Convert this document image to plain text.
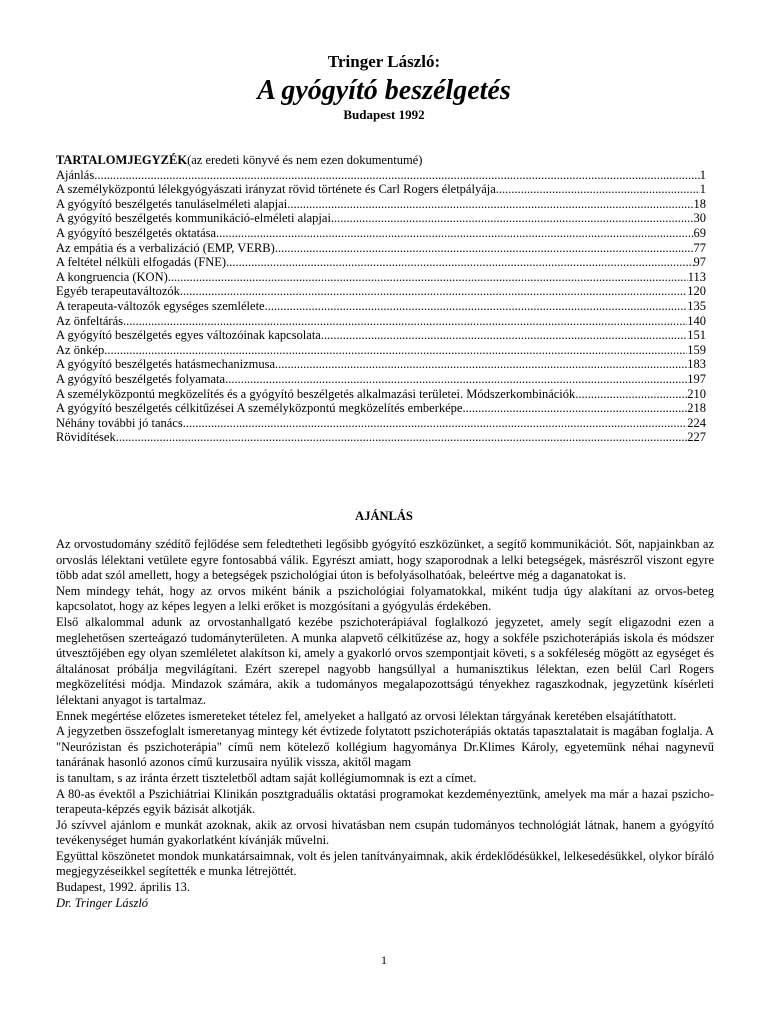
Tringer László:
A gyógyító beszélgetés
Budapest 1992
TARTALOMJEGYZÉK(az eredeti könyvé és nem ezen dokumentumé)
Ajánlás .....	1
A személyközpontú lélekgyógyászati irányzat rövid története és Carl Rogers életpályája .....	1
A gyógyító beszélgetés tanuláselméleti alapjai .....	18
A gyógyító beszélgetés kommunikáció-elméleti alapjai .....	30
A gyógyító beszélgetés oktatása .....	69
Az empátia és a verbalizáció (EMP, VERB) .....	77
A feltétel nélküli elfogadás (FNE) .....	97
A kongruencia (KON) .....	113
Egyéb terapeutaváltozók .....	120
A terapeuta-változók egységes szemlélete .....	135
Az önfeltárás .....	140
A gyógyító beszélgetés egyes változóinak kapcsolata .....	151
Az önkép .....	159
A gyógyító beszélgetés hatásmechanizmusa .....	183
A gyógyító beszélgetés folyamata .....	197
A személyközpontú megközelítés és a gyógyító beszélgetés alkalmazási területei. Módszerkombinációk .....	210
A gyógyító beszélgetés célkitűzései A személyközpontú megközelítés emberképe .....	218
Néhány további jó tanács .....	224
Rövidítések .....	227
AJÁNLÁS

Az orvostudomány szédítő fejlődése sem feledtetheti legősibb gyógyító eszközünket, a segítő kommunikációt. Sőt, napjainkban az orvoslás lélektani vetülete egyre fontosabbá válik. Egyrészt amiatt, hogy szaporodnak a lelki betegségek, másrészről viszont egyre több adat szól amellett, hogy a betegségek pszichológiai úton is befolyásolhatóak, beleértve még a daganatokat is.

Nem mindegy tehát, hogy az orvos miként bánik a pszichológiai folyamatokkal, miként tudja úgy alakítani az orvos-beteg kapcsolatot, hogy az képes legyen a lelki erőket is mozgósítani a gyógyulás érdekében.

Első alkalommal adunk az orvostanhallgató kezébe pszichoterápiával foglalkozó jegyzetet, amely segít eligazodni ezen a meglehetősen szerteágazó tudományterületen. A munka alapvető célkitűzése az, hogy a sokféle pszichoterápiás iskola és módszer útvesztőjében egy olyan szemléletet alakítson ki, amely a gyakorló orvos szempontjait követi, s a sokféleség mögött az egységet és általánosat próbálja megvilágítani. Ezért szerepel nagyobb hangsúllyal a humanisztikus lélektan, ezen belül Carl Rogers megközelítési módja. Mindazok számára, akik a tudományos megalapozottságú tényekhez ragaszkodnak, jegyzetünk kísérleti lélektani anyagot is tartalmaz.

Ennek megértése előzetes ismereteket tételez fel, amelyeket a hallgató az orvosi lélektan tárgyának keretében elsajátíthatott.

A jegyzetben összefoglalt ismeretanyag mintegy két évtizede folytatott pszichoterápiás oktatás tapasztalatait is magában foglalja. A "Neurózistan és pszichoterápia" című nem kötelező kollégium hagyománya Dr.Klimes Károly, egyetemünk néhai nagynevű tanárának hasonló azonos című kurzusaira nyúlik vissza, akitől magam

is tanultam, s az iránta érzett tiszteletből adtam saját kollégiumomnak is ezt a címet.

A 80-as évektől a Pszichiátriai Klinikán posztgraduális oktatási programokat kezdeményeztünk, amelyek ma már a hazai pszicho-terapeuta-képzés egyik bázisát alkotják.

Jó szívvel ajánlom e munkát azoknak, akik az orvosi hivatásban nem csupán tudományos technológiát látnak, hanem a gyógyító tevékenységet humán gyakorlatként kívánják művelni.

Együttal köszönetet mondok munkatársaimnak, volt és jelen tanítványaimnak, akik érdeklődésükkel, lelkesedésükkel, olykor bíráló megjegyzéseikkel segítették e munka létrejöttét.

Budapest, 1992. április 13.

Dr. Tringer László

1
